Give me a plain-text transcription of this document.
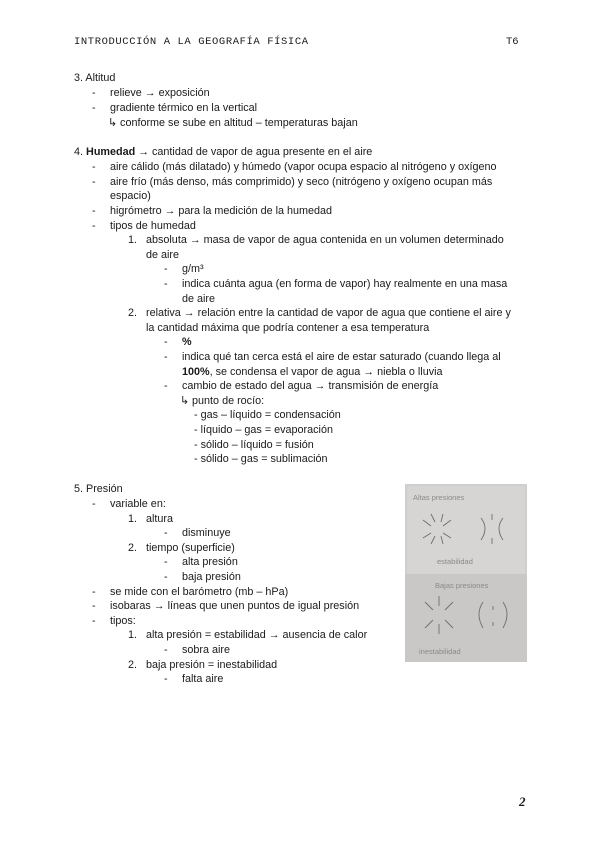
INTRODUCCIÓN A LA GEOGRAFÍA FÍSICA	T6
3. Altitud
- relieve → exposición
- gradiente térmico en la vertical
↳ conforme se sube en altitud – temperaturas bajan
4. Humedad → cantidad de vapor de agua presente en el aire
- aire cálido (más dilatado) y húmedo (vapor ocupa espacio al nitrógeno y oxígeno
- aire frío (más denso, más comprimido) y seco (nitrógeno y oxígeno ocupan más
espacio)
- higrómetro → para la medición de la humedad
- tipos de humedad
1. absoluta → masa de vapor de agua contenida en un volumen determinado
de aire
- g/m³
- indica cuánta agua (en forma de vapor) hay realmente en una masa
de aire
2. relativa → relación entre la cantidad de vapor de agua que contiene el aire y
la cantidad máxima que podría contener a esa temperatura
- %
- indica qué tan cerca está el aire de estar saturado (cuando llega al
100%, se condensa el vapor de agua → niebla o lluvia
- cambio de estado del agua → transmisión de energía
↳ punto de rocío:
- gas – líquido = condensación
- líquido – gas = evaporación
- sólido – líquido = fusión
- sólido – gas = sublimación
5. Presión
- variable en:
1. altura
- disminuye
2. tiempo (superficie)
- alta presión
- baja presión
- se mide con el barómetro (mb – hPa)
- isobaras → líneas que unen puntos de igual presión
- tipos:
1. alta presión = estabilidad → ausencia de calor
- sobra aire
2. baja presión = inestabilidad
- falta aire
Altas presiones
estabilidad
Bajas presiones
inestabilidad
2
